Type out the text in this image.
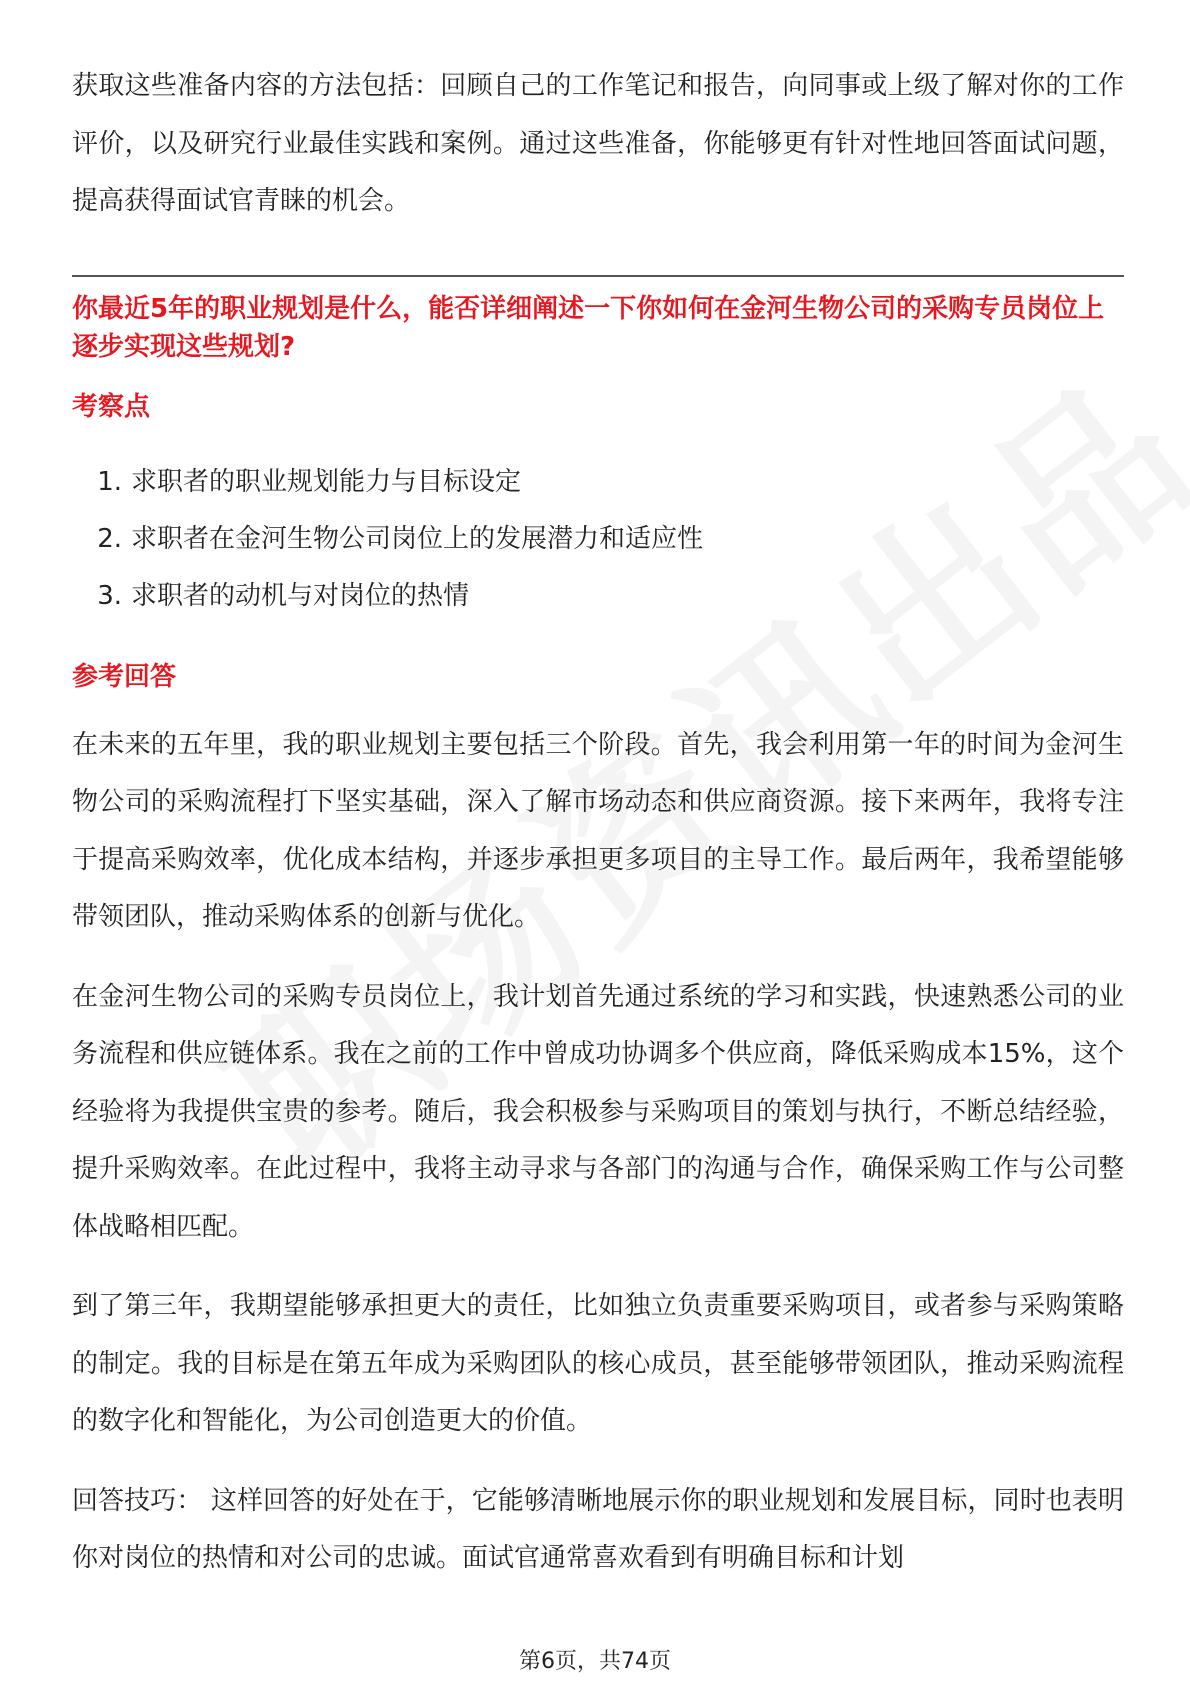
获取这些准备内容的方法包括：回顾自己的工作笔记和报告，向同事或上级了解对你的工作评价，以及研究行业最佳实践和案例。通过这些准备，你能够更有针对性地回答面试问题，提高获得面试官青睐的机会。

你最近5年的职业规划是什么，能否详细阐述一下你如何在金河生物公司的采购专员岗位上逐步实现这些规划?

考察点

1. 求职者的职业规划能力与目标设定
2. 求职者在金河生物公司岗位上的发展潜力和适应性
3. 求职者的动机与对岗位的热情

参考回答

在未来的五年里，我的职业规划主要包括三个阶段。首先，我会利用第一年的时间为金河生物公司的采购流程打下坚实基础，深入了解市场动态和供应商资源。接下来两年，我将专注于提高采购效率，优化成本结构，并逐步承担更多项目的主导工作。最后两年，我希望能够带领团队，推动采购体系的创新与优化。

在金河生物公司的采购专员岗位上，我计划首先通过系统的学习和实践，快速熟悉公司的业务流程和供应链体系。我在之前的工作中曾成功协调多个供应商，降低采购成本15%，这个经验将为我提供宝贵的参考。随后，我会积极参与采购项目的策划与执行，不断总结经验，提升采购效率。在此过程中，我将主动寻求与各部门的沟通与合作，确保采购工作与公司整体战略相匹配。

到了第三年，我期望能够承担更大的责任，比如独立负责重要采购项目，或者参与采购策略的制定。我的目标是在第五年成为采购团队的核心成员，甚至能够带领团队，推动采购流程的数字化和智能化，为公司创造更大的价值。

回答技巧： 这样回答的好处在于，它能够清晰地展示你的职业规划和发展目标，同时也表明你对岗位的热情和对公司的忠诚。面试官通常喜欢看到有明确目标和计划

第6页，共74页
